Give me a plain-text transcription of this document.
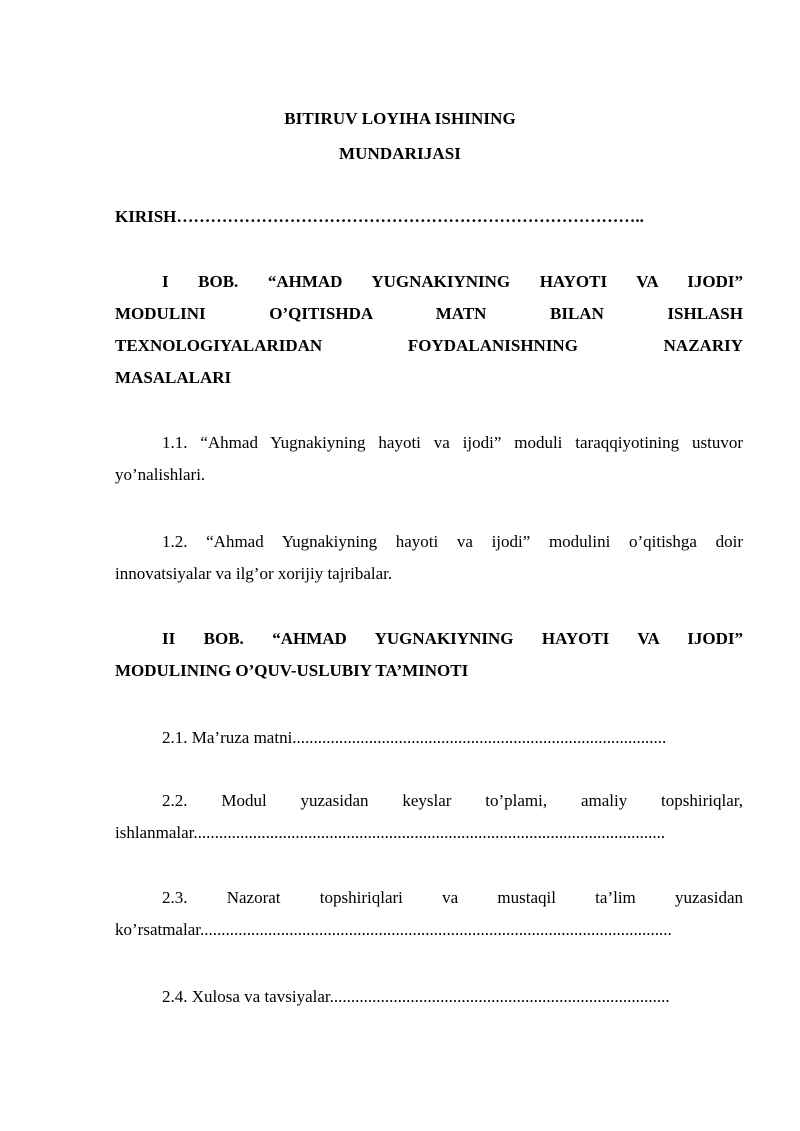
BITIRUV LOYIHA ISHINING
MUNDARIJASI
KIRISH………………………………………………………………………..
I BOB. “AHMAD YUGNAKIYNING HAYOTI VA IJODI”
MODULINI O’QITISHDA MATN BILAN ISHLASH
TEXNOLOGIYALARIDAN FOYDALANISHNING NAZARIY
MASALALARI
1.1. “Ahmad Yugnakiyning hayoti va ijodi” moduli taraqqiyotining ustuvor
yo’nalishlari.
1.2. “Ahmad Yugnakiyning hayoti va ijodi” modulini o’qitishga doir
innovatsiyalar va ilg’or xorijiy tajribalar.
II BOB. “AHMAD YUGNAKIYNING HAYOTI VA IJODI”
MODULINING O’QUV-USLUBIY TA’MINOTI
2.1. Ma’ruza matni........................................................................................
2.2. Modul yuzasidan keyslar to’plami, amaliy topshiriqlar,
ishlanmalar...............................................................................................................
2.3. Nazorat topshiriqlari va mustaqil ta’lim yuzasidan
ko’rsatmalar...............................................................................................................
2.4. Xulosa va tavsiyalar................................................................................
